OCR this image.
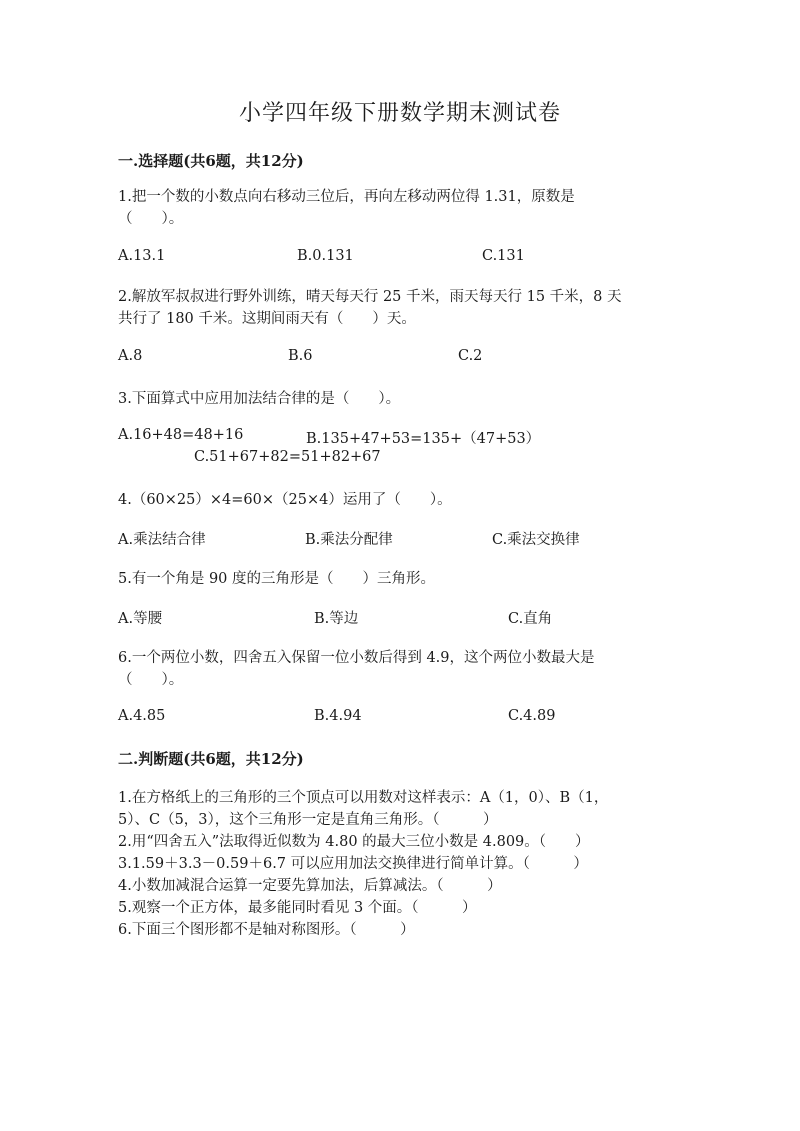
小学四年级下册数学期末测试卷
一.选择题(共6题，共12分)
1.把一个数的小数点向右移动三位后，再向左移动两位得 1.31，原数是
（　　）。
A.13.1	B.0.131	C.131
2.解放军叔叔进行野外训练，晴天每天行 25 千米，雨天每天行 15 千米，8 天
共行了 180 千米。这期间雨天有（　　）天。
A.8	B.6	C.2
3.下面算式中应用加法结合律的是（　　）。
A.16+48=48+16	B.135+47+53=135+（47+53）
C.51+67+82=51+82+67
4.（60×25）×4=60×（25×4）运用了（　　）。
A.乘法结合律	B.乘法分配律	C.乘法交换律
5.有一个角是 90 度的三角形是（　　）三角形。
A.等腰	B.等边	C.直角
6.一个两位小数，四舍五入保留一位小数后得到 4.9，这个两位小数最大是
（　　）。
A.4.85	B.4.94	C.4.89
二.判断题(共6题，共12分)
1.在方格纸上的三角形的三个顶点可以用数对这样表示：A（1，0）、B（1，
5）、C（5，3），这个三角形一定是直角三角形。（　　　）
2.用“四舍五入”法取得近似数为 4.80 的最大三位小数是 4.809。（　　）
3.1.59＋3.3－0.59＋6.7 可以应用加法交换律进行简单计算。（　　　）
4.小数加减混合运算一定要先算加法，后算减法。（　　　）
5.观察一个正方体，最多能同时看见 3 个面。（　　　）
6.下面三个图形都不是轴对称图形。（　　　）
